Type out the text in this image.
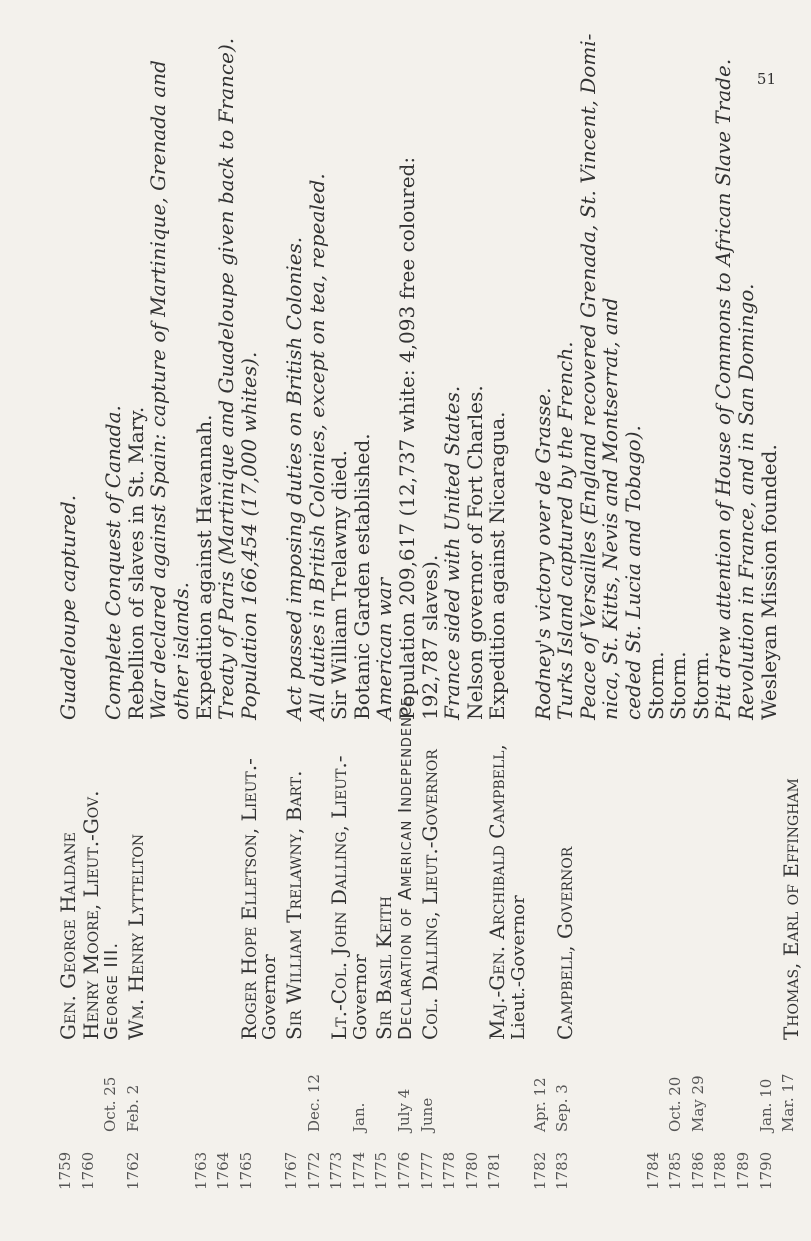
51
1759
Gen. George Haldane
Guadeloupe captured.
1760
Henry Moore, Lieut.-Gov.
Oct. 25
George III.
Complete Conquest of Canada.
1762
Feb. 2
Wm. Henry Lyttelton
Rebellion of slaves in St. Mary.
War declared against Spain: capture of Martinique, Grenada and
other islands.
1763
Expedition against Havannah.
1764
Treaty of Paris (Martinique and Guadeloupe given back to France).
1765
Roger Hope Elletson, Lieut.-
Population 166,454 (17,000 whites).
Governor
1767
Sir William Trelawny, Bart.
Act passed imposing duties on British Colonies.
1772
Dec. 12
All duties in British Colonies, except on tea, repealed.
1773
Lt.-Col. John Dalling, Lieut.-
Sir William Trelawny died.
1774
Jan.
Governor
Botanic Garden established.
1775
Sir Basil Keith
American war
1776
July 4
Declaration of American Independence
Population 209,617 (12,737 white: 4,093 free coloured:
1777
June
Col. Dalling, Lieut.-Governor
192,787 slaves).
1778
France sided with United States.
1780
Nelson governor of Fort Charles.
1781
Maj.-Gen. Archibald Campbell,
Expedition against Nicaragua.
Lieut.-Governor
1782
Apr. 12
Rodney's victory over de Grasse.
1783
Sep. 3
Campbell, Governor
Turks Island captured by the French.
Peace of Versailles (England recovered Grenada, St. Vincent, Domi-
nica, St. Kitts, Nevis and Montserrat, and
ceded St. Lucia and Tobago).
1784
Storm.
1785
Oct. 20
Storm.
1786
May 29
Storm.
1788
Pitt drew attention of House of Commons to African Slave Trade.
1789
Revolution in France, and in San Domingo.
1790
Jan. 10
Wesleyan Mission founded.
Mar. 17
Thomas, Earl of Effingham
